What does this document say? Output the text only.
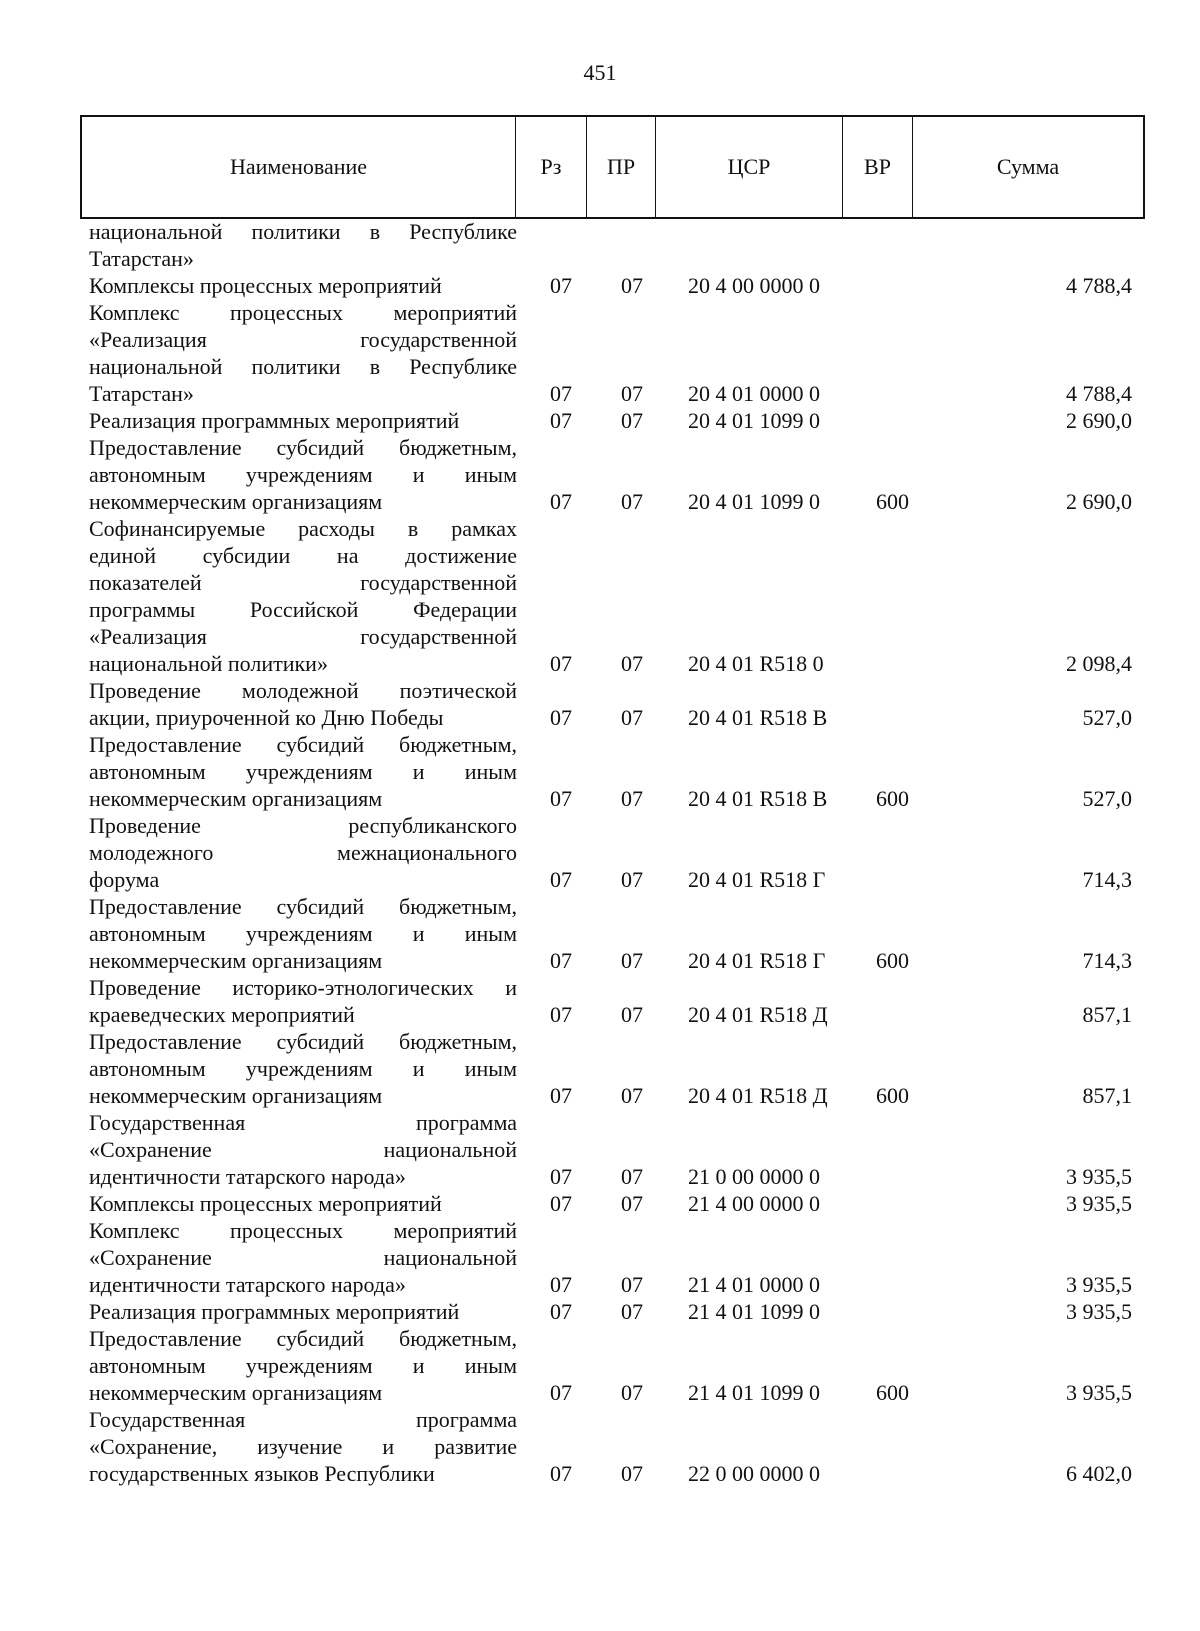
451
Наименование	Рз	ПР	ЦСР	ВР	Сумма
национальной политики в Республике
Татарстан»
Комплексы процессных мероприятий	07 07 20 4 00 0000 0	4 788,4
Комплекс процессных мероприятий
«Реализация государственной
национальной политики в Республике
Татарстан»	07 07 20 4 01 0000 0	4 788,4
Реализация программных мероприятий	07 07 20 4 01 1099 0	2 690,0
Предоставление субсидий бюджетным,
автономным учреждениям и иным
некоммерческим организациям	07 07 20 4 01 1099 0	600	2 690,0
Софинансируемые расходы в рамках
единой субсидии на достижение
показателей государственной
программы Российской Федерации
«Реализация государственной
национальной политики»	07 07 20 4 01 R518 0	2 098,4
Проведение молодежной поэтической
акции, приуроченной ко Дню Победы	07 07 20 4 01 R518 В	527,0
Предоставление субсидий бюджетным,
автономным учреждениям и иным
некоммерческим организациям	07 07 20 4 01 R518 В 600	527,0
Проведение республиканского
молодежного межнационального
форума	07 07 20 4 01 R518 Г	714,3
Предоставление субсидий бюджетным,
автономным учреждениям и иным
некоммерческим организациям	07 07 20 4 01 R518 Г 600	714,3
Проведение историко-этнологических и
краеведческих мероприятий	07 07 20 4 01 R518 Д	857,1
Предоставление субсидий бюджетным,
автономным учреждениям и иным
некоммерческим организациям	07 07 20 4 01 R518 Д 600	857,1
Государственная программа
«Сохранение национальной
идентичности татарского народа»	07 07 21 0 00 0000 0	3 935,5
Комплексы процессных мероприятий	07 07 21 4 00 0000 0	3 935,5
Комплекс процессных мероприятий
«Сохранение национальной
идентичности татарского народа»	07 07 21 4 01 0000 0	3 935,5
Реализация программных мероприятий	07 07 21 4 01 1099 0	3 935,5
Предоставление субсидий бюджетным,
автономным учреждениям и иным
некоммерческим организациям	07 07 21 4 01 1099 0	600	3 935,5
Государственная программа
«Сохранение, изучение и развитие
государственных языков Республики	07 07 22 0 00 0000 0	6 402,0
